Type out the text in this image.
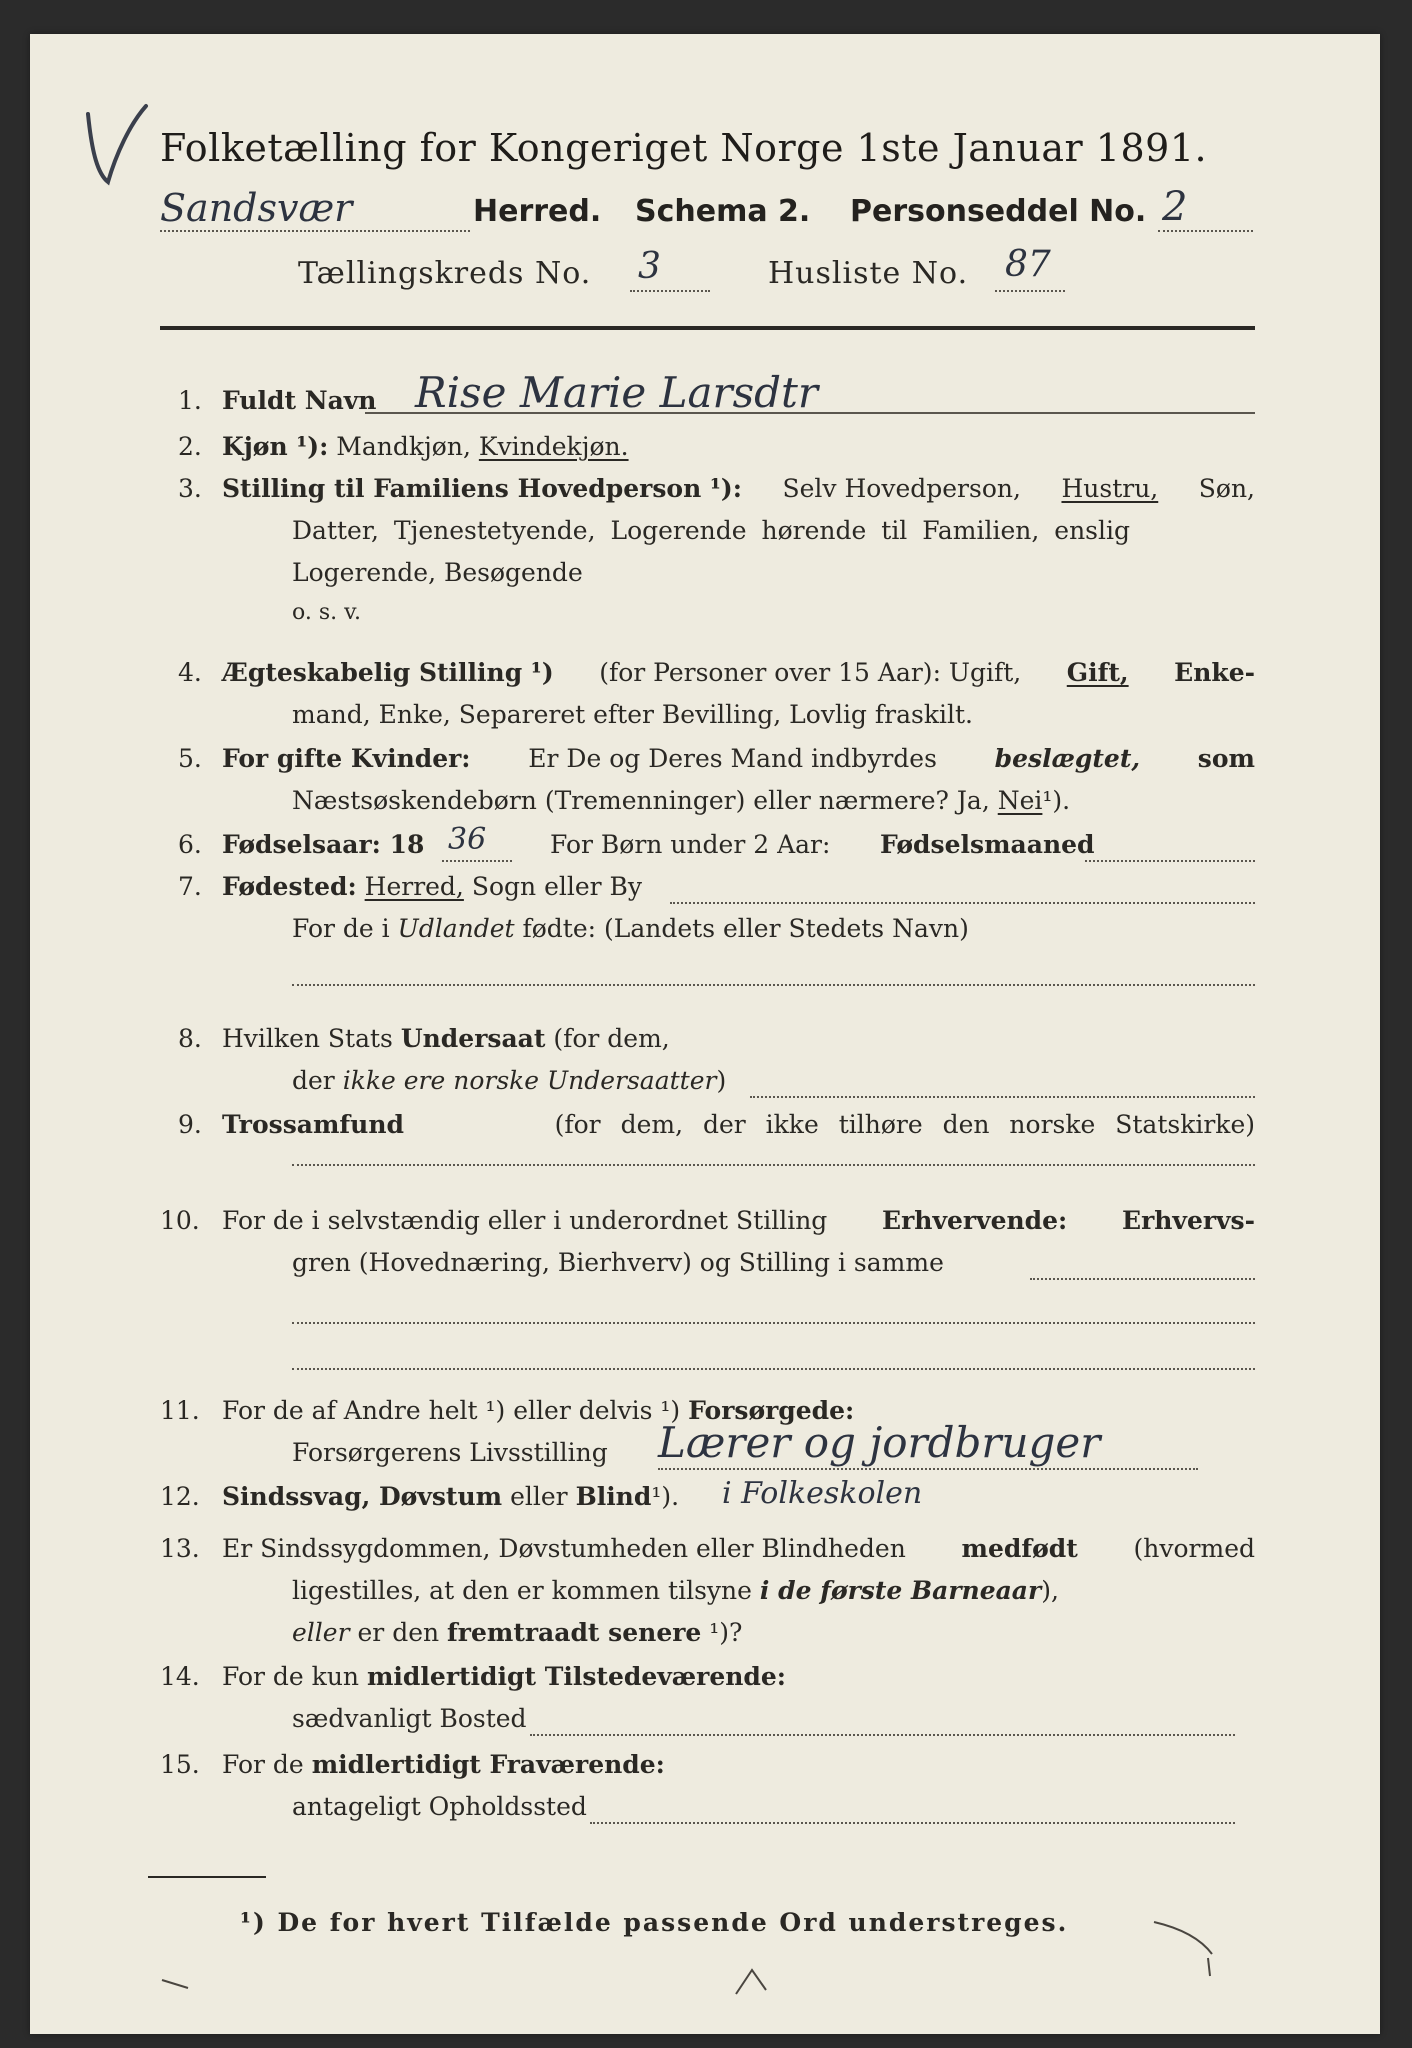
Folketælling for Kongeriget Norge 1ste Januar 1891.
Sandsvær	Herred. Schema 2. Personseddel No. 2
Tællingskreds No. 3	Husliste No. 87
1. Fuldt Navn Rise Marie Larsdtr
2. Kjøn ¹): Mandkjøn, Kvindekjøn.
3. Stilling til Familiens Hovedperson ¹): Selv Hovedperson, Hustru, Søn,
Datter, Tjenestetyende, Logerende hørende til Familien, enslig
Logerende, Besøgende
o. s. v.
4. Ægteskabelig Stilling ¹) (for Personer over 15 Aar): Ugift, Gift, Enke-
mand, Enke, Separeret efter Bevilling, Lovlig fraskilt.
5. For gifte Kvinder: Er De og Deres Mand indbyrdes beslægtet, som
Næstsøskendebørn (Tremenninger) eller nærmere? Ja, Nei¹).
6. Fødselsaar: 18 36	For Børn under 2 Aar: Fødselsmaaned
7. Fødested: Herred, Sogn eller By
For de i Udlandet fødte: (Landets eller Stedets Navn)
8. Hvilken Stats Undersaat (for dem,
der ikke ere norske Undersaatter)
9. Trossamfund	(for dem, der ikke tilhøre den norske Statskirke)
10. For de i selvstændig eller i underordnet Stilling Erhvervende: Erhvervs-
gren (Hovednæring, Bierhverv) og Stilling i samme
11. For de af Andre helt ¹) eller delvis ¹) Forsørgede:
Forsørgerens Livsstilling Lærer og jordbruger
12. Sindssvag, Døvstum eller Blind¹). i Folkeskolen
13. Er Sindssygdommen, Døvstumheden eller Blindheden medfødt (hvormed
ligestilles, at den er kommen tilsyne i de første Barneaar),
eller er den fremtraadt senere ¹)?
14. For de kun midlertidigt Tilstedeværende:
sædvanligt Bosted
15. For de midlertidigt Fraværende:
antageligt Opholdssted
¹) De for hvert Tilfælde passende Ord understreges.
